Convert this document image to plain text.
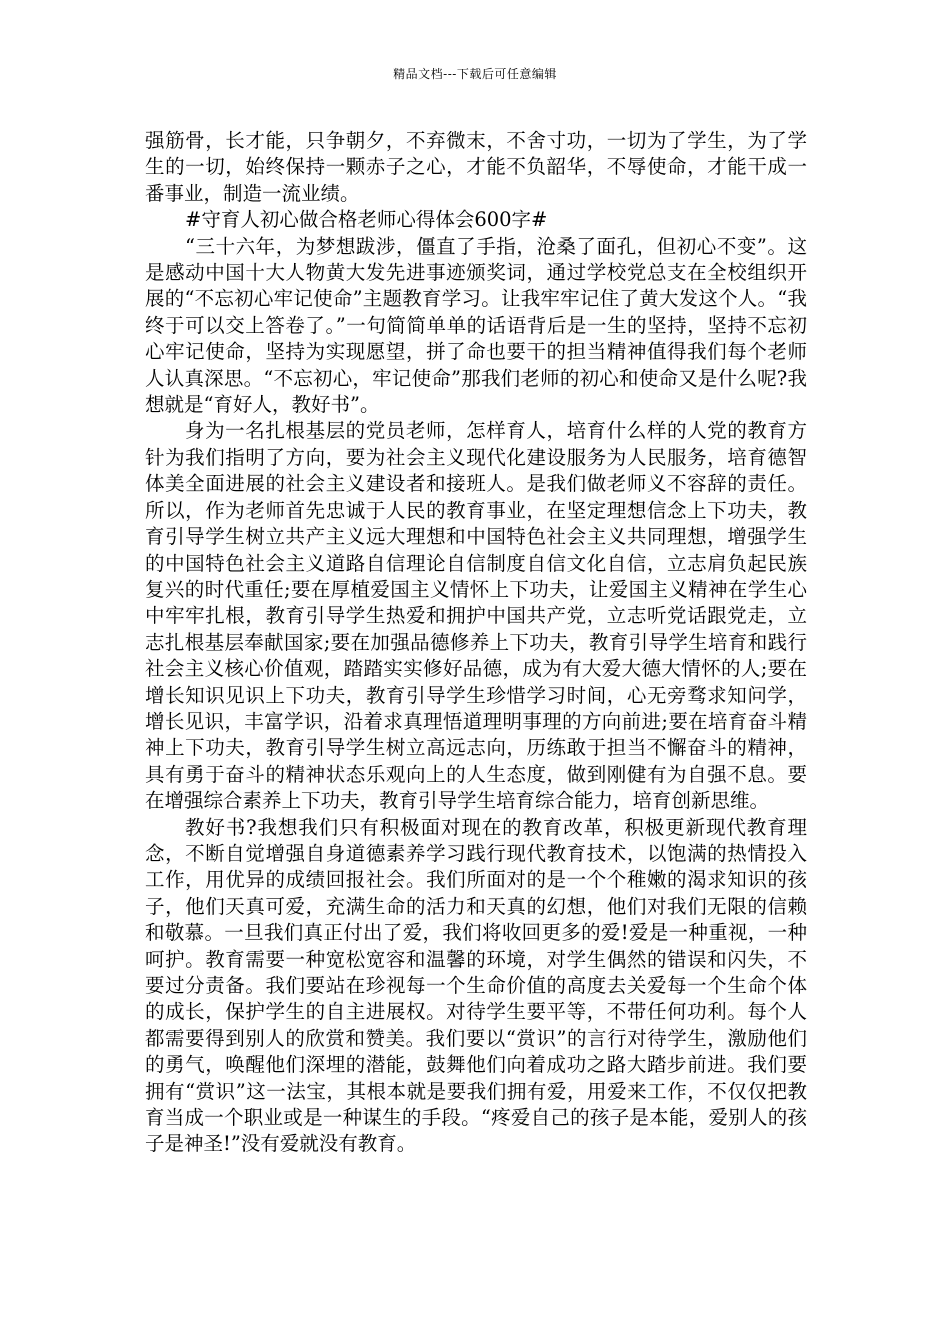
精品文档---下载后可任意编辑

强筋骨，长才能，只争朝夕，不弃微末，不舍寸功，一切为了学生，为了学生的一切，始终保持一颗赤子之心，才能不负韶华，不辱使命，才能干成一番事业，制造一流业绩。

#守育人初心做合格老师心得体会600字#

“三十六年，为梦想跋涉，僵直了手指，沧桑了面孔，但初心不变”。这是感动中国十大人物黄大发先进事迹颁奖词，通过学校党总支在全校组织开展的“不忘初心牢记使命”主题教育学习。让我牢牢记住了黄大发这个人。“我终于可以交上答卷了。”一句简简单单的话语背后是一生的坚持，坚持不忘初心牢记使命，坚持为实现愿望，拼了命也要干的担当精神值得我们每个老师人认真深思。“不忘初心，牢记使命”那我们老师的初心和使命又是什么呢?我想就是“育好人，教好书”。

身为一名扎根基层的党员老师，怎样育人，培育什么样的人党的教育方针为我们指明了方向，要为社会主义现代化建设服务为人民服务，培育德智体美全面进展的社会主义建设者和接班人。是我们做老师义不容辞的责任。所以，作为老师首先忠诚于人民的教育事业，在坚定理想信念上下功夫，教育引导学生树立共产主义远大理想和中国特色社会主义共同理想，增强学生的中国特色社会主义道路自信理论自信制度自信文化自信，立志肩负起民族复兴的时代重任;要在厚植爱国主义情怀上下功夫，让爱国主义精神在学生心中牢牢扎根，教育引导学生热爱和拥护中国共产党，立志听党话跟党走，立志扎根基层奉献国家;要在加强品德修养上下功夫，教育引导学生培育和践行社会主义核心价值观，踏踏实实修好品德，成为有大爱大德大情怀的人;要在增长知识见识上下功夫，教育引导学生珍惜学习时间，心无旁骛求知问学，增长见识，丰富学识，沿着求真理悟道理明事理的方向前进;要在培育奋斗精神上下功夫，教育引导学生树立高远志向，历练敢于担当不懈奋斗的精神，具有勇于奋斗的精神状态乐观向上的人生态度，做到刚健有为自强不息。要在增强综合素养上下功夫，教育引导学生培育综合能力，培育创新思维。

教好书?我想我们只有积极面对现在的教育改革，积极更新现代教育理念，不断自觉增强自身道德素养学习践行现代教育技术，以饱满的热情投入工作，用优异的成绩回报社会。我们所面对的是一个个稚嫩的渴求知识的孩子，他们天真可爱，充满生命的活力和天真的幻想，他们对我们无限的信赖和敬慕。一旦我们真正付出了爱，我们将收回更多的爱!爱是一种重视，一种呵护。教育需要一种宽松宽容和温馨的环境，对学生偶然的错误和闪失，不要过分责备。我们要站在珍视每一个生命价值的高度去关爱每一个生命个体的成长，保护学生的自主进展权。对待学生要平等，不带任何功利。每个人都需要得到别人的欣赏和赞美。我们要以“赏识”的言行对待学生，激励他们的勇气，唤醒他们深埋的潜能，鼓舞他们向着成功之路大踏步前进。我们要拥有“赏识”这一法宝，其根本就是要我们拥有爱，用爱来工作，不仅仅把教育当成一个职业或是一种谋生的手段。“疼爱自己的孩子是本能，爱别人的孩子是神圣!”没有爱就没有教育。
